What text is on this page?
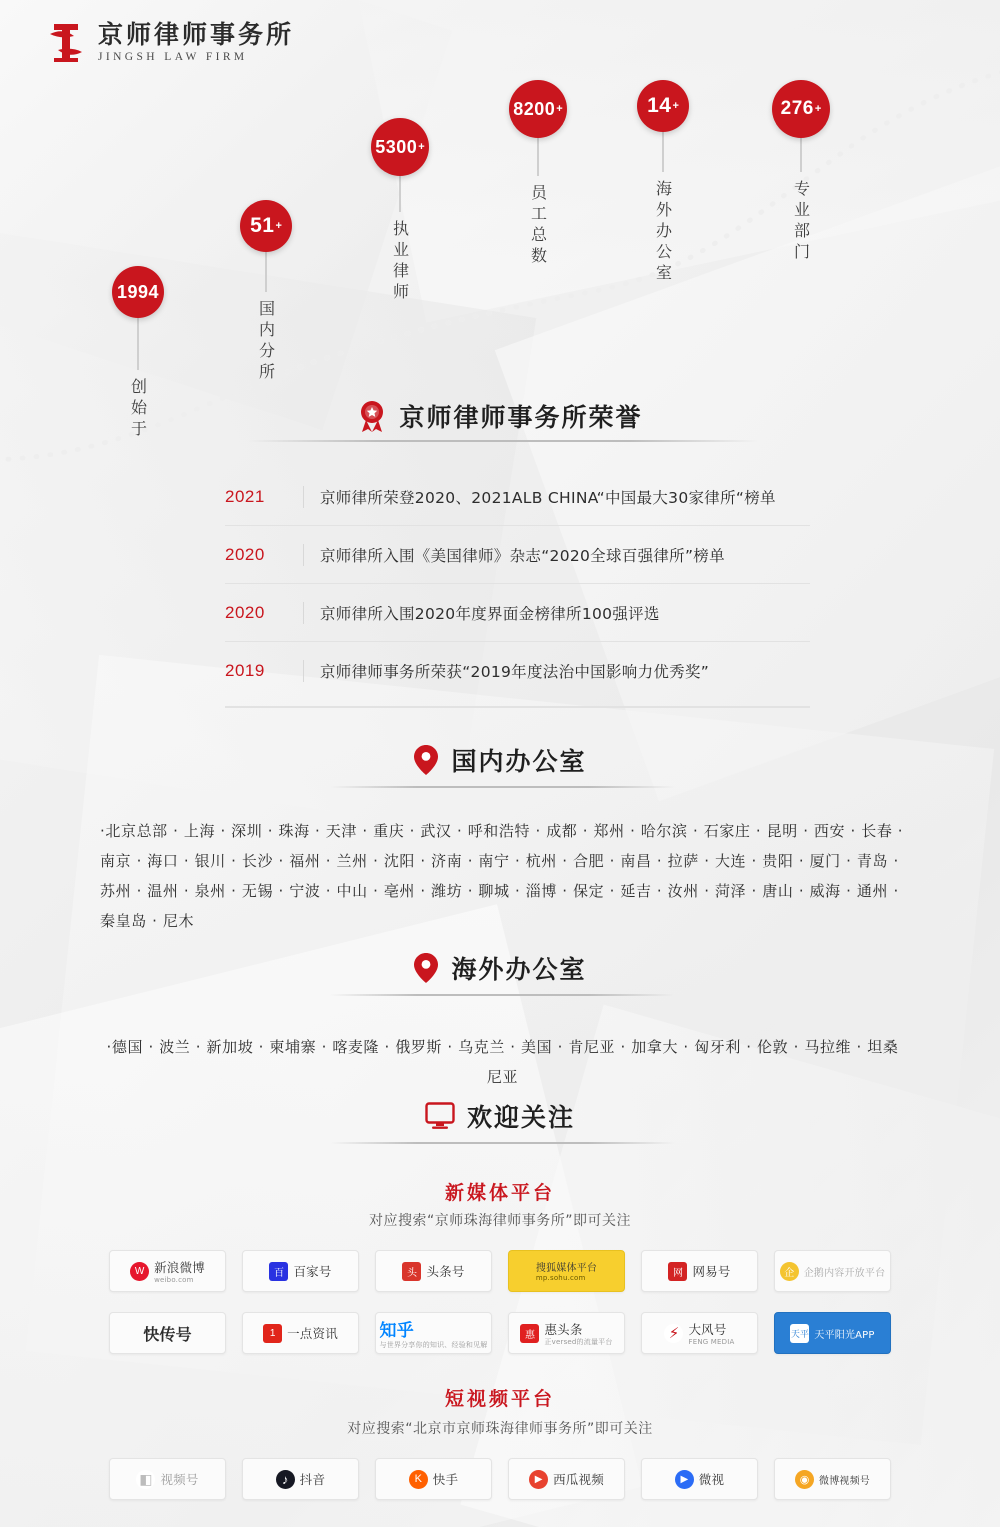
京师律师事务所
JINGSH LAW FIRM
1994
创始于
51 +
国内分所
5300 +
执业律师
8200 +
员工总数
14 +
海外办公室
276 +
专业部门
京师律师事务所荣誉
2021	京师律所荣登2020、2021ALB CHINA“中国最大30家律所“榜单
2020	京师律所入围《美国律师》杂志“2020全球百强律所”榜单
2020	京师律所入围2020年度界面金榜律所100强评选
2019	京师律师事务所荣获“2019年度法治中国影响力优秀奖”
国内办公室
·北京总部 · 上海 · 深圳 · 珠海 · 天津 · 重庆 · 武汉 · 呼和浩特 · 成都 · 郑州 · 哈尔滨 · 石家庄 · 昆明 · 西安 · 长春 · 南京 · 海口 · 银川 · 长沙 · 福州 · 兰州 · 沈阳 · 济南 · 南宁 · 杭州 · 合肥 · 南昌 · 拉萨 · 大连 · 贵阳 · 厦门 · 青岛 · 苏州 · 温州 · 泉州 · 无锡 · 宁波 · 中山 · 亳州 · 潍坊 · 聊城 · 淄博 · 保定 · 延吉 · 汝州 · 菏泽 · 唐山 · 威海 · 通州 · 秦皇岛 · 尼木
海外办公室
·德国 · 波兰 · 新加坡 · 柬埔寨 · 喀麦隆 · 俄罗斯 · 乌克兰 · 美国 · 肯尼亚 · 加拿大 · 匈牙利 · 伦敦 · 马拉维 · 坦桑尼亚
欢迎关注
新媒体平台
对应搜索“京师珠海律师事务所”即可关注
W 新浪微博
weibo.com
百 百家号	头 头条号	搜狐媒体平台
mp.sohu.com	网 网易号	企 企鹅内容开放平台
快传号	1 一点资讯 知乎
与世界分享你的知识、经验和见解
惠 惠头条
正versed的流量平台	⚡ 大风号
FENG MEDIA
天平 天平阳光APP
短视频平台
对应搜索“北京市京师珠海律师事务所”即可关注
◧ 视频号	♪ 抖音	K 快手	▶ 西瓜视频	▶ 微视	◉ 微博视频号
